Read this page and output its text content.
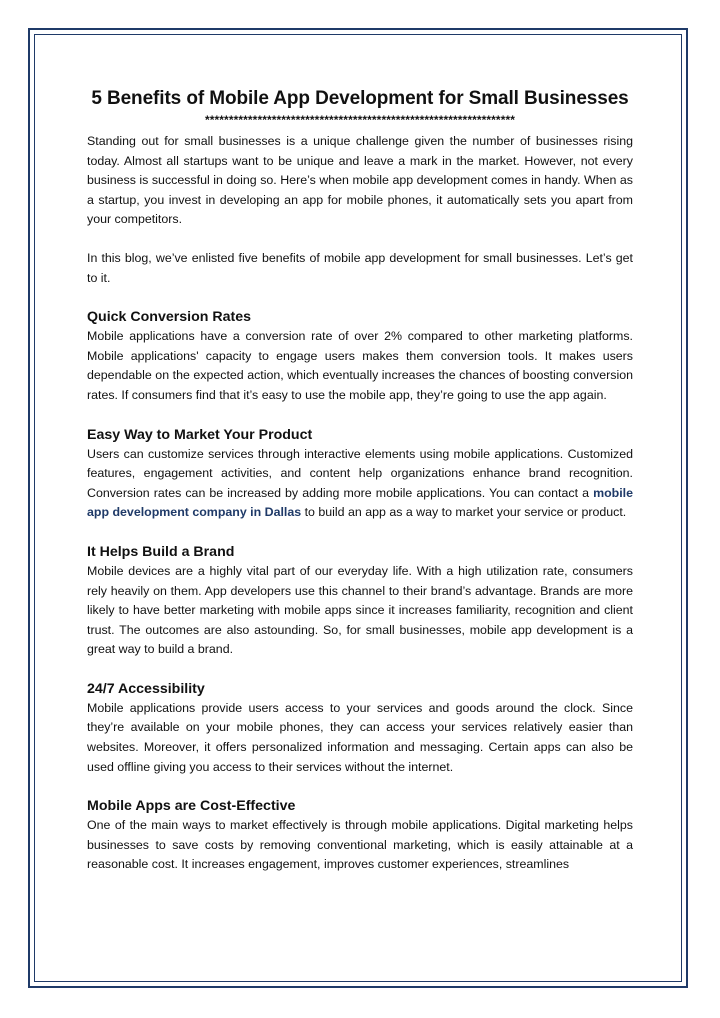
5 Benefits of Mobile App Development for Small Businesses
*****************************************************************

Standing out for small businesses is a unique challenge given the number of businesses rising today. Almost all startups want to be unique and leave a mark in the market. However, not every business is successful in doing so. Here’s when mobile app development comes in handy. When as a startup, you invest in developing an app for mobile phones, it automatically sets you apart from your competitors.

In this blog, we’ve enlisted five benefits of mobile app development for small businesses. Let’s get to it.

Quick Conversion Rates

Mobile applications have a conversion rate of over 2% compared to other marketing platforms. Mobile applications' capacity to engage users makes them conversion tools. It makes users dependable on the expected action, which eventually increases the chances of boosting conversion rates. If consumers find that it’s easy to use the mobile app, they’re going to use the app again.

Easy Way to Market Your Product

Users can customize services through interactive elements using mobile applications. Customized features, engagement activities, and content help organizations enhance brand recognition. Conversion rates can be increased by adding more mobile applications. You can contact a mobile app development company in Dallas to build an app as a way to market your service or product.

It Helps Build a Brand

Mobile devices are a highly vital part of our everyday life. With a high utilization rate, consumers rely heavily on them. App developers use this channel to their brand’s advantage. Brands are more likely to have better marketing with mobile apps since it increases familiarity, recognition and client trust. The outcomes are also astounding. So, for small businesses, mobile app development is a great way to build a brand.

24/7 Accessibility

Mobile applications provide users access to your services and goods around the clock. Since they’re available on your mobile phones, they can access your services relatively easier than websites. Moreover, it offers personalized information and messaging. Certain apps can also be used offline giving you access to their services without the internet.

Mobile Apps are Cost-Effective

One of the main ways to market effectively is through mobile applications. Digital marketing helps businesses to save costs by removing conventional marketing, which is easily attainable at a reasonable cost. It increases engagement, improves customer experiences, streamlines
